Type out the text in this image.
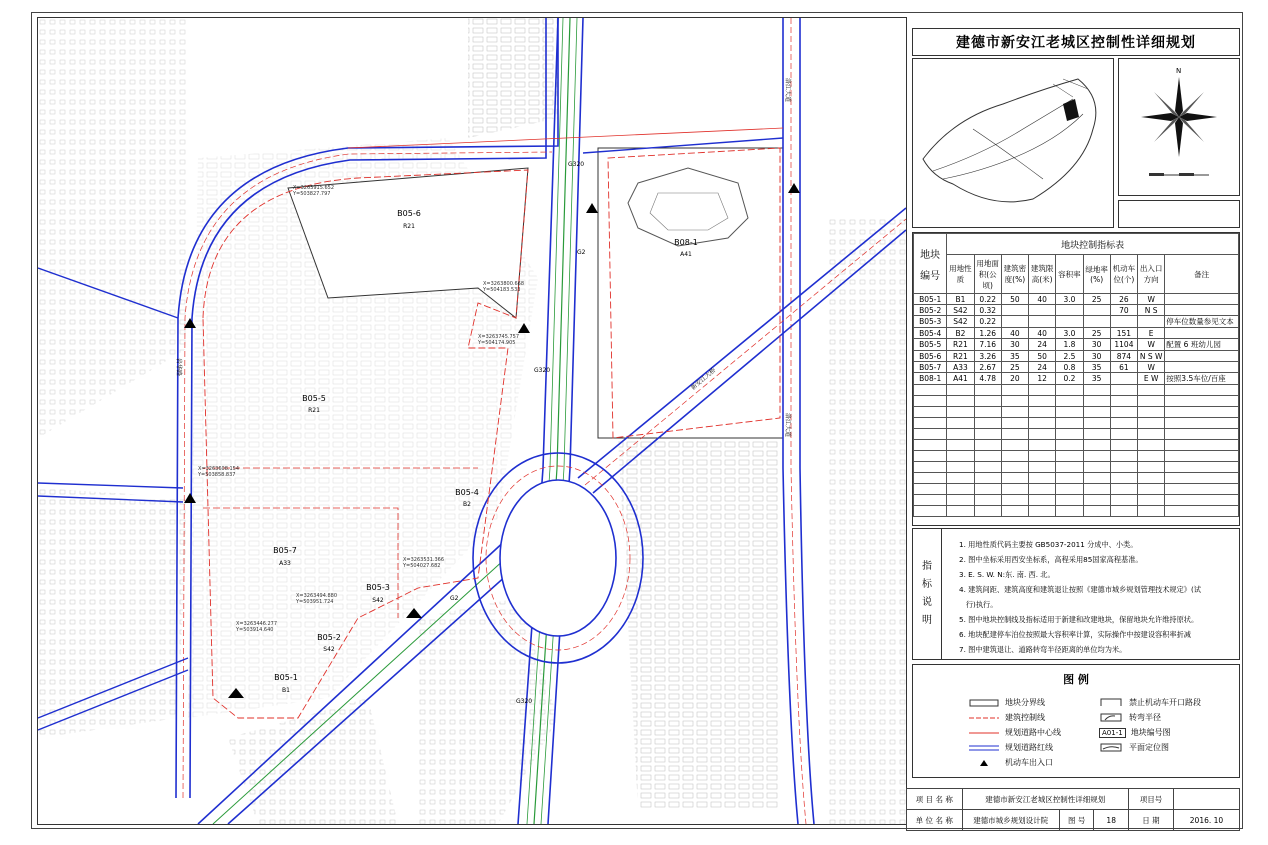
X=3263915.652
Y=503827.797
X=3263800.668
Y=504183.533
X=3263745.757
Y=504174.905
X=3263608.154
Y=503858.837
X=3263531.366
Y=504027.682
X=3263494.880
Y=503951.724
X=3263446.277
Y=503914.640
B05-6
R21
B05-5
R21
B05-4
B2
B05-7
A33
B05-3
S42
B05-2
S42
B05-1
B1
B08-1
A41
G320
G320
G320
G2
G2
洛江大道
洛江大道
岩华路	新安江大桥
建德市新安江老城区控制性详细规划
N
地块
编号	地块控制指标表								
	用地性质	用地面积(公顷)	建筑密度(%)	建筑限高(米)	容积率	绿地率(%)	机动车位(个)	出入口方向	备注
B05-1	B1	0.22	50	40	3.0	25	26	W	
B05-2	S42	0.32					70	N S	
B05-3	S42	0.22							停车位数量参见文本
B05-4	B2	1.26	40	40	3.0	25	151	E	
B05-5	R21	7.16	30	24	1.8	30	1104	W	配置 6 班幼儿园
B05-6	R21	3.26	35	50	2.5	30	874	N S W	
B05-7	A33	2.67	25	24	0.8	35	61	W	
B08-1	A41	4.78	20	12	0.2	35		E W	按照3.5车位/百座

指
标
说
明
1. 用地性质代码主要按 GB5037-2011 分成中、小类。
2. 图中坐标采用西安坐标系，高程采用85国家高程基准。
3. E. S. W. N:东. 南. 西. 北。
4. 建筑间距、建筑高度和建筑退让按照《建德市城乡规划管理技术规定》(试
行)执行。
5. 图中地块控制线及指标适用于新建和改建地块，保留地块允许维持原状。
6. 地块配建停车泊位按照最大容积率计算，实际操作中按建设容积率折减
7. 图中建筑退让、道路转弯半径距离的单位均为米。
图 例
地块分界线
建筑控制线
规划道路中心线
规划道路红线
机动车出入口
禁止机动车开口路段
转弯半径
A01-1	地块编号图
平面定位图
项 目 名 称	建德市新安江老城区控制性详细规划			项目号	
单 位 名 称	建德市城乡规划设计院	图 号	18	日 期	2016. 10
